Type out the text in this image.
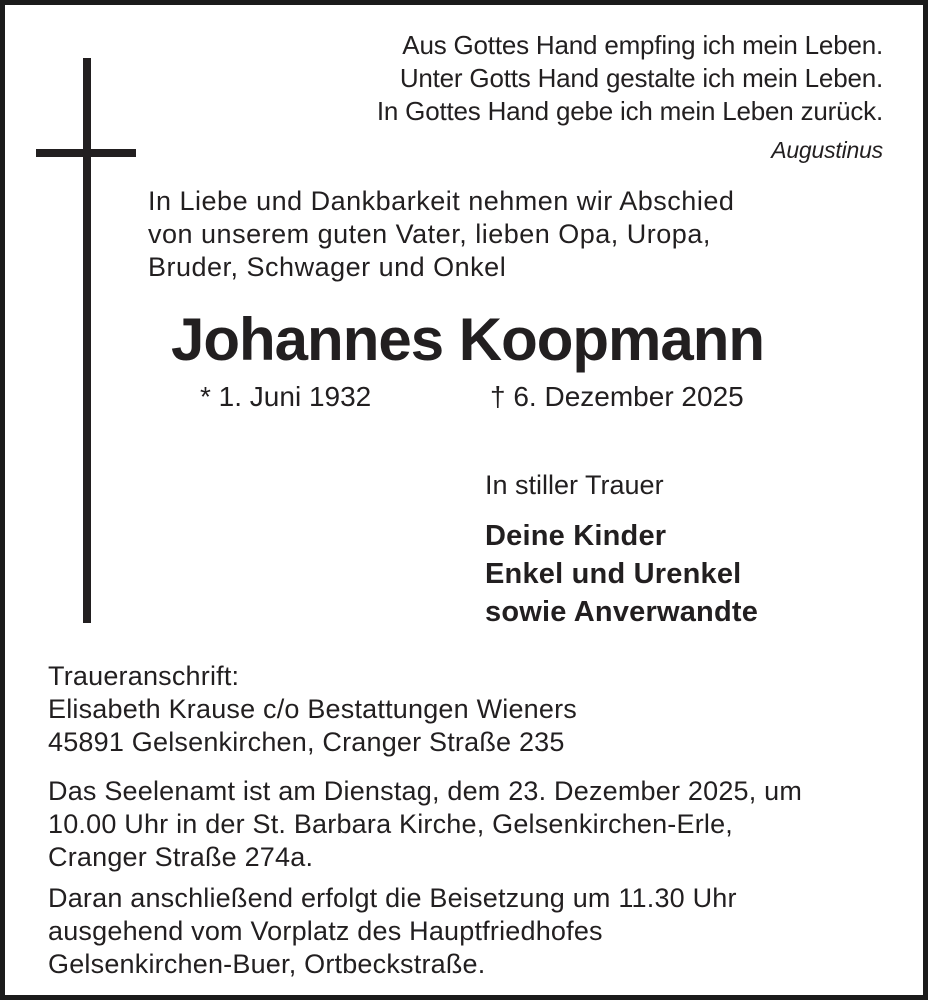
Aus Gottes Hand empfing ich mein Leben.
Unter Gotts Hand gestalte ich mein Leben.
In Gottes Hand gebe ich mein Leben zurück.
Augustinus
In Liebe und Dankbarkeit nehmen wir Abschied
von unserem guten Vater, lieben Opa, Uropa,
Bruder, Schwager und Onkel
Johannes Koopmann
* 1. Juni 1932	† 6. Dezember 2025
In stiller Trauer
Deine Kinder
Enkel und Urenkel
sowie Anverwandte
Traueranschrift:
Elisabeth Krause c/o Bestattungen Wieners
45891 Gelsenkirchen, Cranger Straße 235
Das Seelenamt ist am Dienstag, dem 23. Dezember 2025, um
10.00 Uhr in der St. Barbara Kirche, Gelsenkirchen-Erle,
Cranger Straße 274a.
Daran anschließend erfolgt die Beisetzung um 11.30 Uhr
ausgehend vom Vorplatz des Hauptfriedhofes
Gelsenkirchen-Buer, Ortbeckstraße.
